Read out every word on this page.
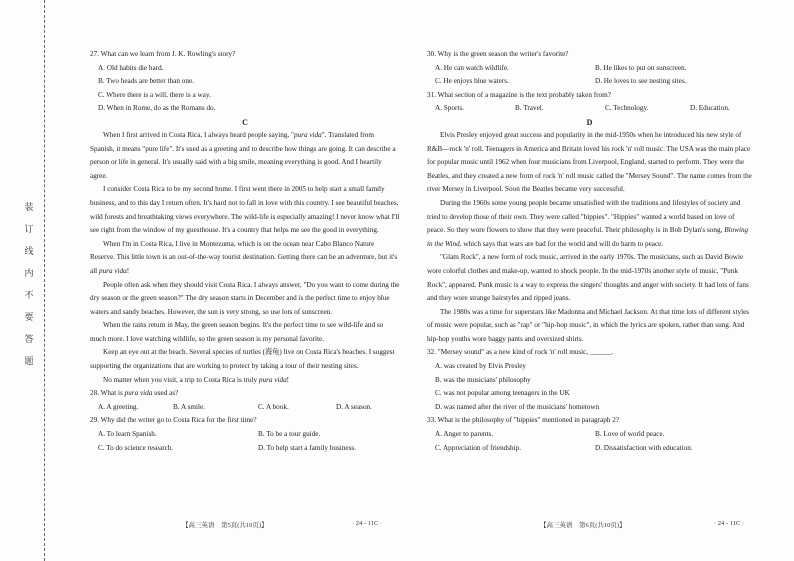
装
订
线
内
不
要
答
题

27. What can we learn from J. K. Rowling's story?

A. Old habits die hard.

B. Two heads are better than one.

C. Where there is a will, there is a way.

D. When in Rome, do as the Romans do.

C

When I first arrived in Costa Rica, I always heard people saying, "pura vida". Translated from Spanish, it means "pure life". It's used as a greeting and to describe how things are going. It can describe a person or life in general. It's usually said with a big smile, meaning everything is good. And I heartily agree.

I consider Costa Rica to be my second home. I first went there in 2005 to help start a small family business, and to this day I return often. It's hard not to fall in love with this country. I see beautiful beaches, wild forests and breathtaking views everywhere. The wild-life is especially amazing! I never know what I'll see right from the window of my guesthouse. It's a country that helps me see the good in everything.

When I'm in Costa Rica, I live in Montezuma, which is on the ocean near Cabo Blanco Nature Reserve. This little town is an out-of-the-way tourist destination. Getting there can be an adventure, but it's all pura vida!

People often ask when they should visit Costa Rica. I always answer, "Do you want to come during the dry season or the green season?" The dry season starts in December and is the perfect time to enjoy blue waters and sandy beaches. However, the sun is very strong, so use lots of sunscreen.

When the rains return in May, the green season begins. It's the perfect time to see wild-life and so much more. I love watching wildlife, so the green season is my personal favorite.

Keep an eye out at the beach. Several species of turtles (海龟) live on Costa Rica's beaches. I suggest supporting the organizations that are working to protect by taking a tour of their nesting sites.

No matter when you visit, a trip to Costa Rica is truly pura vida!

28. What is pura vida used as?

A. A greeting.	B. A smile.	C. A book.	D. A season.

29. Why did the writer go to Costa Rica for the first time?

A. To learn Spanish.	B. To be a tour guide.
C. To do science research.	D. To help start a family business.
【高三英语　第5页(共10页)】	· 24 - 11C ·

30. Why is the green season the writer's favorite?

A. He can watch wildlife.	B. He likes to put on sunscreen.
C. He enjoys blue waters.	D. He loves to see nesting sites.

31. What section of a magazine is the text probably taken from?

A. Sports.	B. Travel.	C. Technology.	D. Education.
D

Elvis Presley enjoyed great success and popularity in the mid-1950s when he introduced his new style of R&B—rock 'n' roll. Teenagers in America and Britain loved his rock 'n' roll music. The USA was the main place for popular music until 1962 when four musicians from Liverpool, England, started to perform. They were the Beatles, and they created a new form of rock 'n' roll music called the "Mersey Sound". The name comes from the river Mersey in Liverpool. Soon the Beatles became very successful.

During the 1960s some young people became unsatisfied with the traditions and lifestyles of society and tried to develop those of their own. They were called "hippies". "Hippies" wanted a world based on love of peace. So they wore flowers to show that they were peaceful. Their philosophy is in Bob Dylan's song, Blowing in the Wind, which says that wars are bad for the world and will do harm to peace.

"Glam Rock", a new form of rock music, arrived in the early 1970s. The musicians, such as David Bowie wore colorful clothes and make-up, wanted to shock people. In the mid-1970s another style of music, "Punk Rock", appeared. Punk music is a way to express the singers' thoughts and anger with society. It had lots of fans and they wore strange hairstyles and ripped jeans.

The 1980s was a time for superstars like Madonna and Michael Jackson. At that time lots of different styles of music were popular, such as "rap" or "hip-hop music", in which the lyrics are spoken, rather than sung. And hip-hop youths wore baggy pants and oversized shirts.

32. "Mersey sound" as a new kind of rock 'n' roll music, ______.

A. was created by Elvis Presley

B. was the musicians' philosophy

C. was not popular among teenagers in the UK

D. was named after the river of the musicians' hometown

33. What is the philosophy of "hippies" mentioned in paragraph 2?

A. Anger to parents.	B. Love of world peace.
C. Appreciation of friendship.	D. Dissatisfaction with education.
【高三英语　第6页(共10页)】	· 24 - 11C ·
